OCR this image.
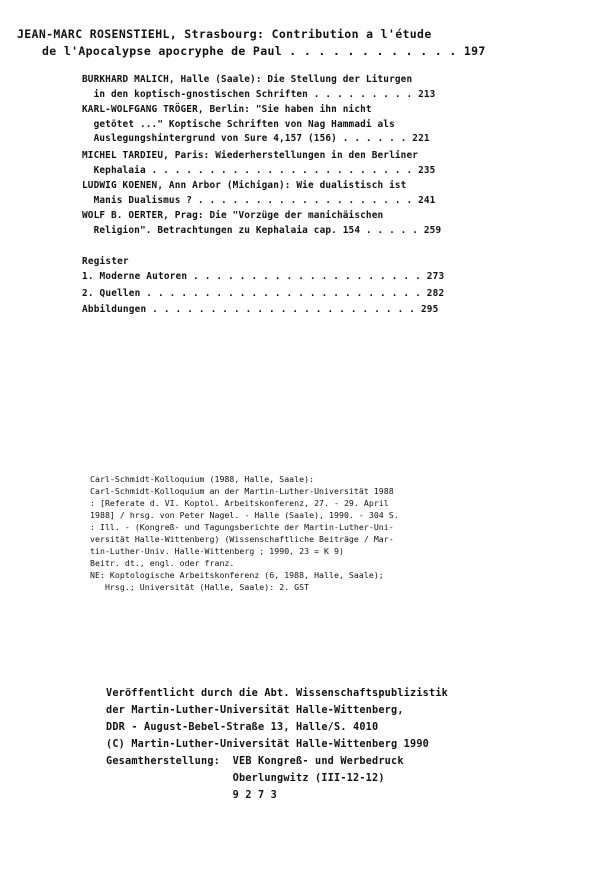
JEAN-MARC ROSENSTIEHL, Strasbourg: Contribution a l'étude
de l'Apocalypse apocryphe de Paul . . . . . . . . . . . . 197
BURKHARD MALICH, Halle (Saale): Die Stellung der Liturgen
in den koptisch-gnostischen Schriften . . . . . . . . . 213
KARL-WOLFGANG TRÖGER, Berlin: "Sie haben ihn nicht
getötet ..." Koptische Schriften von Nag Hammadi als
Auslegungshintergrund von Sure 4,157 (156) . . . . . . 221
MICHEL TARDIEU, Paris: Wiederherstellungen in den Berliner
Kephalaia . . . . . . . . . . . . . . . . . . . . . . . 235
LUDWIG KOENEN, Ann Arbor (Michigan): Wie dualistisch ist
Manis Dualismus ? . . . . . . . . . . . . . . . . . . . 241
WOLF B. OERTER, Prag: Die "Vorzüge der manichäischen
Religion". Betrachtungen zu Kephalaia cap. 154 . . . . . 259
Register
1. Moderne Autoren . . . . . . . . . . . . . . . . . . . . 273
2. Quellen . . . . . . . . . . . . . . . . . . . . . . . . 282
Abbildungen . . . . . . . . . . . . . . . . . . . . . . . 295
Carl-Schmidt-Kolloquium (1988, Halle, Saale):
Carl-Schmidt-Kolloquium an der Martin-Luther-Universität 1988
: [Referate d. VI. Koptol. Arbeitskonferenz, 27. - 29. April
1988] / hrsg. von Peter Nagel. - Halle (Saale), 1990. - 304 S.
: Ill. - (Kongreß- und Tagungsberichte der Martin-Luther-Uni-
versität Halle-Wittenberg) (Wissenschaftliche Beiträge / Mar-
tin-Luther-Univ. Halle-Wittenberg ; 1990, 23 = K 9)
Beitr. dt., engl. oder franz.
NE: Koptologische Arbeitskonferenz (6, 1988, Halle, Saale);
Hrsg.; Universität (Halle, Saale): 2. GST
Veröffentlicht durch die Abt. Wissenschaftspublizistik
der Martin-Luther-Universität Halle-Wittenberg,
DDR - August-Bebel-Straße 13, Halle/S. 4010
(C) Martin-Luther-Universität Halle-Wittenberg 1990
Gesamtherstellung:  VEB Kongreß- und Werbedruck
Oberlungwitz (III-12-12)
9 2 7 3
